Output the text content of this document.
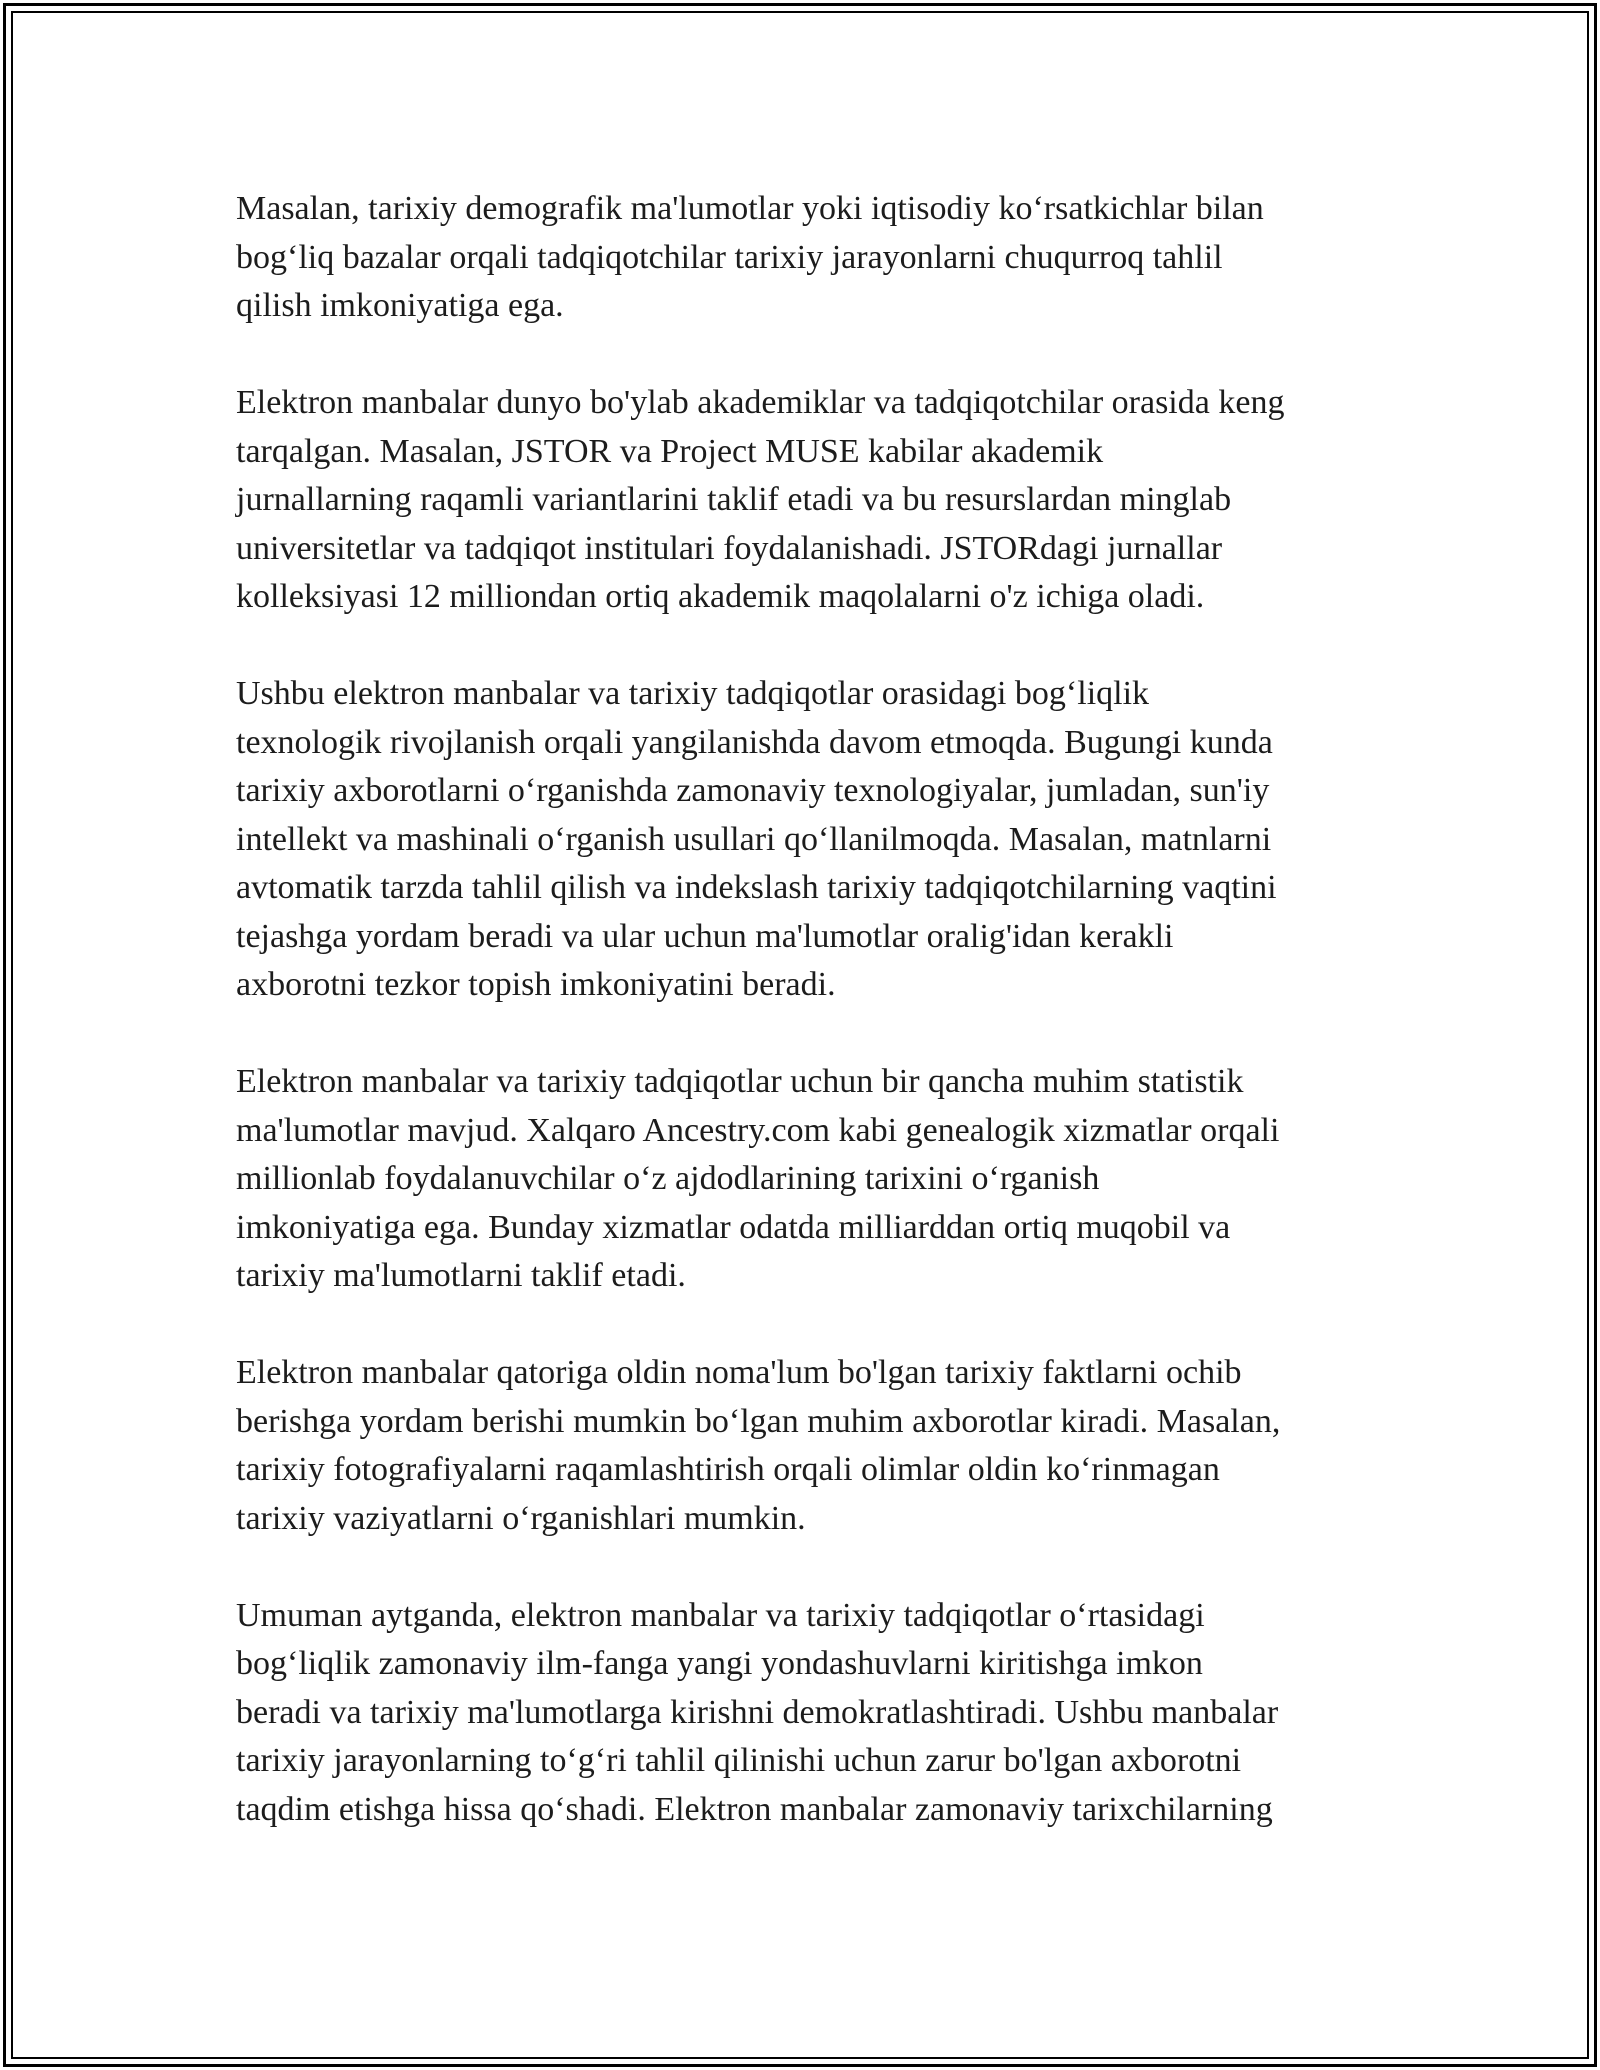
Masalan, tarixiy demografik ma'lumotlar yoki iqtisodiy koʻrsatkichlar bilan
bogʻliq bazalar orqali tadqiqotchilar tarixiy jarayonlarni chuqurroq tahlil
qilish imkoniyatiga ega.

Elektron manbalar dunyo bo'ylab akademiklar va tadqiqotchilar orasida keng
tarqalgan. Masalan, JSTOR va Project MUSE kabilar akademik
jurnallarning raqamli variantlarini taklif etadi va bu resurslardan minglab
universitetlar va tadqiqot institulari foydalanishadi. JSTORdagi jurnallar
kolleksiyasi 12 milliondan ortiq akademik maqolalarni o'z ichiga oladi.

Ushbu elektron manbalar va tarixiy tadqiqotlar orasidagi bogʻliqlik
texnologik rivojlanish orqali yangilanishda davom etmoqda. Bugungi kunda
tarixiy axborotlarni oʻrganishda zamonaviy texnologiyalar, jumladan, sun'iy
intellekt va mashinali oʻrganish usullari qoʻllanilmoqda. Masalan, matnlarni
avtomatik tarzda tahlil qilish va indekslash tarixiy tadqiqotchilarning vaqtini
tejashga yordam beradi va ular uchun ma'lumotlar oralig'idan kerakli
axborotni tezkor topish imkoniyatini beradi.

Elektron manbalar va tarixiy tadqiqotlar uchun bir qancha muhim statistik
ma'lumotlar mavjud. Xalqaro Ancestry.com kabi genealogik xizmatlar orqali
millionlab foydalanuvchilar oʻz ajdodlarining tarixini oʻrganish
imkoniyatiga ega. Bunday xizmatlar odatda milliarddan ortiq muqobil va
tarixiy ma'lumotlarni taklif etadi.

Elektron manbalar qatoriga oldin noma'lum bo'lgan tarixiy faktlarni ochib
berishga yordam berishi mumkin boʻlgan muhim axborotlar kiradi. Masalan,
tarixiy fotografiyalarni raqamlashtirish orqali olimlar oldin koʻrinmagan
tarixiy vaziyatlarni oʻrganishlari mumkin.

Umuman aytganda, elektron manbalar va tarixiy tadqiqotlar oʻrtasidagi
bogʻliqlik zamonaviy ilm-fanga yangi yondashuvlarni kiritishga imkon
beradi va tarixiy ma'lumotlarga kirishni demokratlashtiradi. Ushbu manbalar
tarixiy jarayonlarning toʻgʻri tahlil qilinishi uchun zarur bo'lgan axborotni
taqdim etishga hissa qoʻshadi. Elektron manbalar zamonaviy tarixchilarning
